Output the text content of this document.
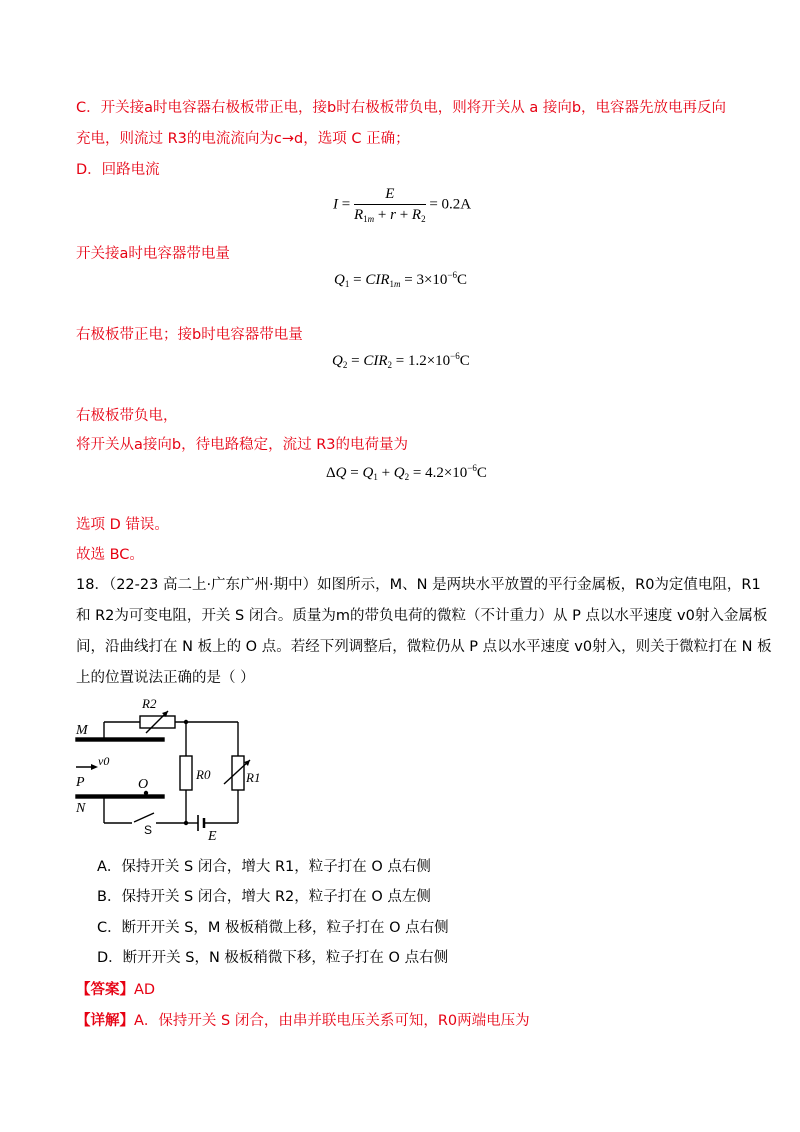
C．开关接a时电容器右极板带正电，接b时右极板带负电，则将开关从 a 接向b，电容器先放电再反向
充电，则流过 R3的电流流向为c→d，选项 C 正确；
D．回路电流
$I = \frac{E}{R_{1m} + r + R_2} = 0.2A$
开关接a时电容器带电量
$Q_1 = CIR_{1m} = 3\times 10^{-6}C$
右极板带正电；接b时电容器带电量
$Q_2 = CIR_2 = 1.2\times 10^{-6}C$
右极板带负电，
将开关从a接向b，待电路稳定，流过 R3的电荷量为
$\Delta Q = Q_1 + Q_2 = 4.2\times 10^{-6}C$
选项 D 错误。
故选 BC。
18．（22-23 高二上·广东广州·期中）如图所示，M、N 是两块水平放置的平行金属板，R0为定值电阻，R1
和 R2为可变电阻，开关 S 闭合。质量为m的带负电荷的微粒（不计重力）从 P 点以水平速度 v0射入金属板
间，沿曲线打在 N 板上的 O 点。若经下列调整后，微粒仍从 P 点以水平速度 v0射入，则关于微粒打在 N 板
上的位置说法正确的是（ ）
M
v0
P
N
O
R2
R0	R1
E
S
A．保持开关 S 闭合，增大 R1，粒子打在 O 点右侧
B．保持开关 S 闭合，增大 R2，粒子打在 O 点左侧
C．断开开关 S，M 极板稍微上移，粒子打在 O 点右侧
D．断开开关 S，N 极板稍微下移，粒子打在 O 点右侧
【答案】AD
【详解】A．保持开关 S 闭合，由串并联电压关系可知，R0两端电压为
